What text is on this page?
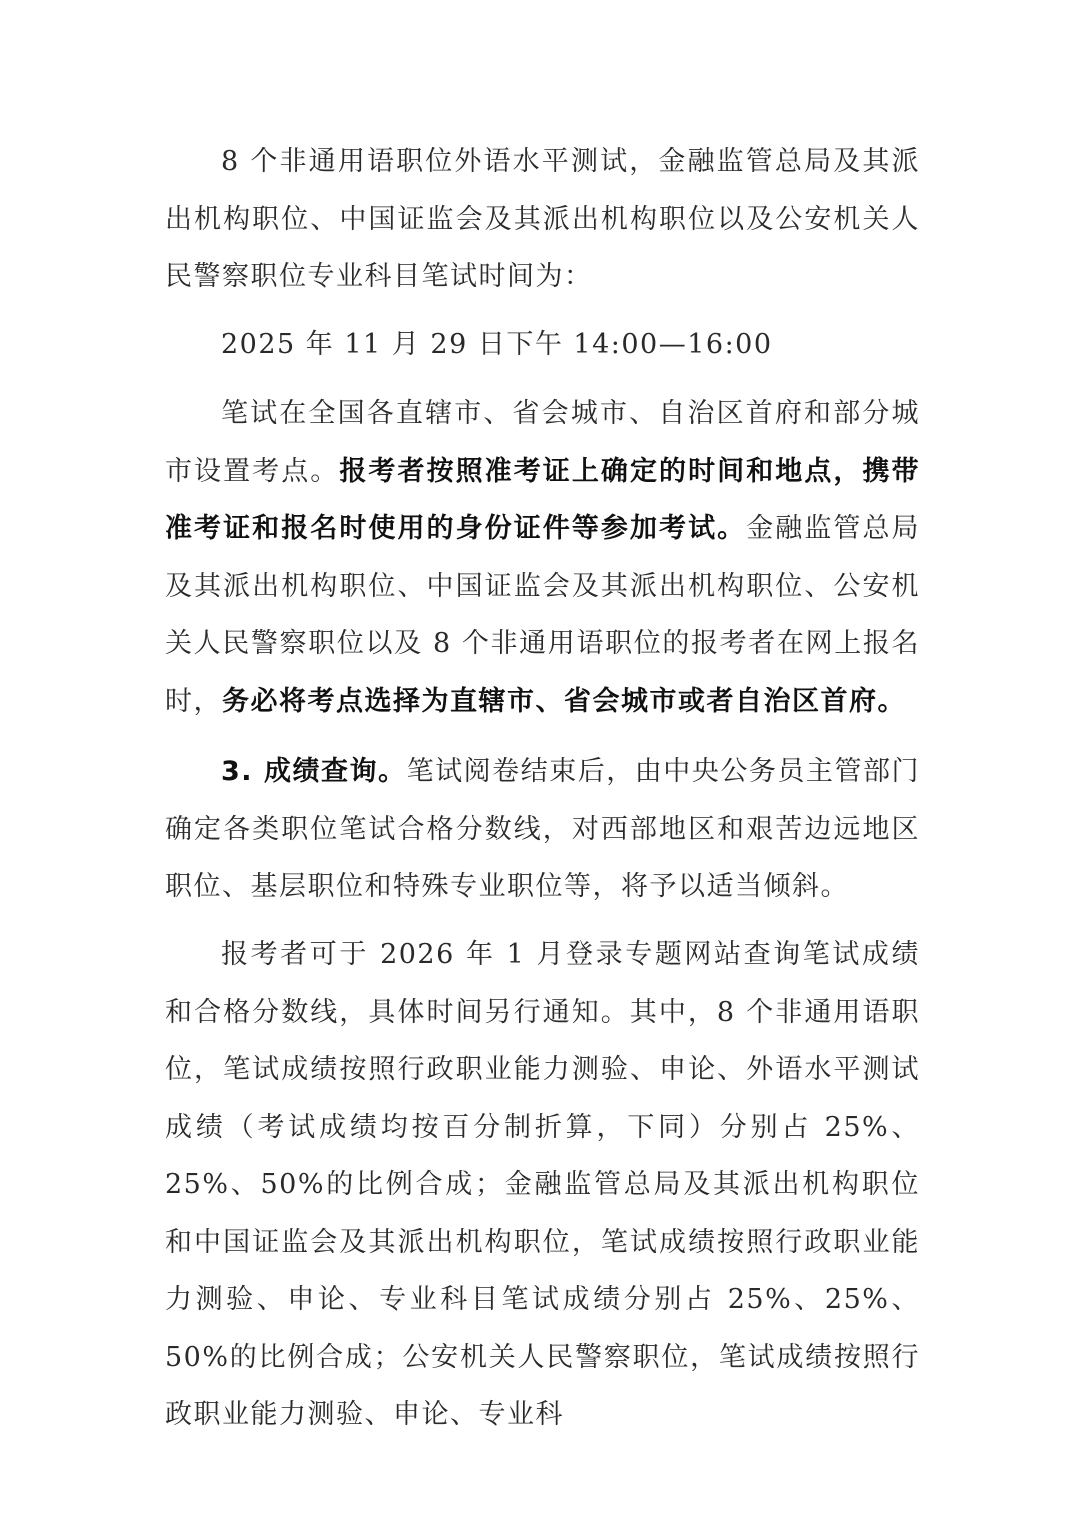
8 个非通用语职位外语水平测试，金融监管总局及其派出机构职位、中国证监会及其派出机构职位以及公安机关人民警察职位专业科目笔试时间为：

2025 年 11 月 29 日下午 14:00—16:00

笔试在全国各直辖市、省会城市、自治区首府和部分城市设置考点。报考者按照准考证上确定的时间和地点，携带准考证和报名时使用的身份证件等参加考试。金融监管总局及其派出机构职位、中国证监会及其派出机构职位、公安机关人民警察职位以及 8 个非通用语职位的报考者在网上报名时，务必将考点选择为直辖市、省会城市或者自治区首府。

3. 成绩查询。笔试阅卷结束后，由中央公务员主管部门确定各类职位笔试合格分数线，对西部地区和艰苦边远地区职位、基层职位和特殊专业职位等，将予以适当倾斜。

报考者可于 2026 年 1 月登录专题网站查询笔试成绩和合格分数线，具体时间另行通知。其中，8 个非通用语职位，笔试成绩按照行政职业能力测验、申论、外语水平测试成绩（考试成绩均按百分制折算，下同）分别占 25%、25%、50%的比例合成；金融监管总局及其派出机构职位和中国证监会及其派出机构职位，笔试成绩按照行政职业能力测验、申论、专业科目笔试成绩分别占 25%、25%、50%的比例合成；公安机关人民警察职位，笔试成绩按照行政职业能力测验、申论、专业科
